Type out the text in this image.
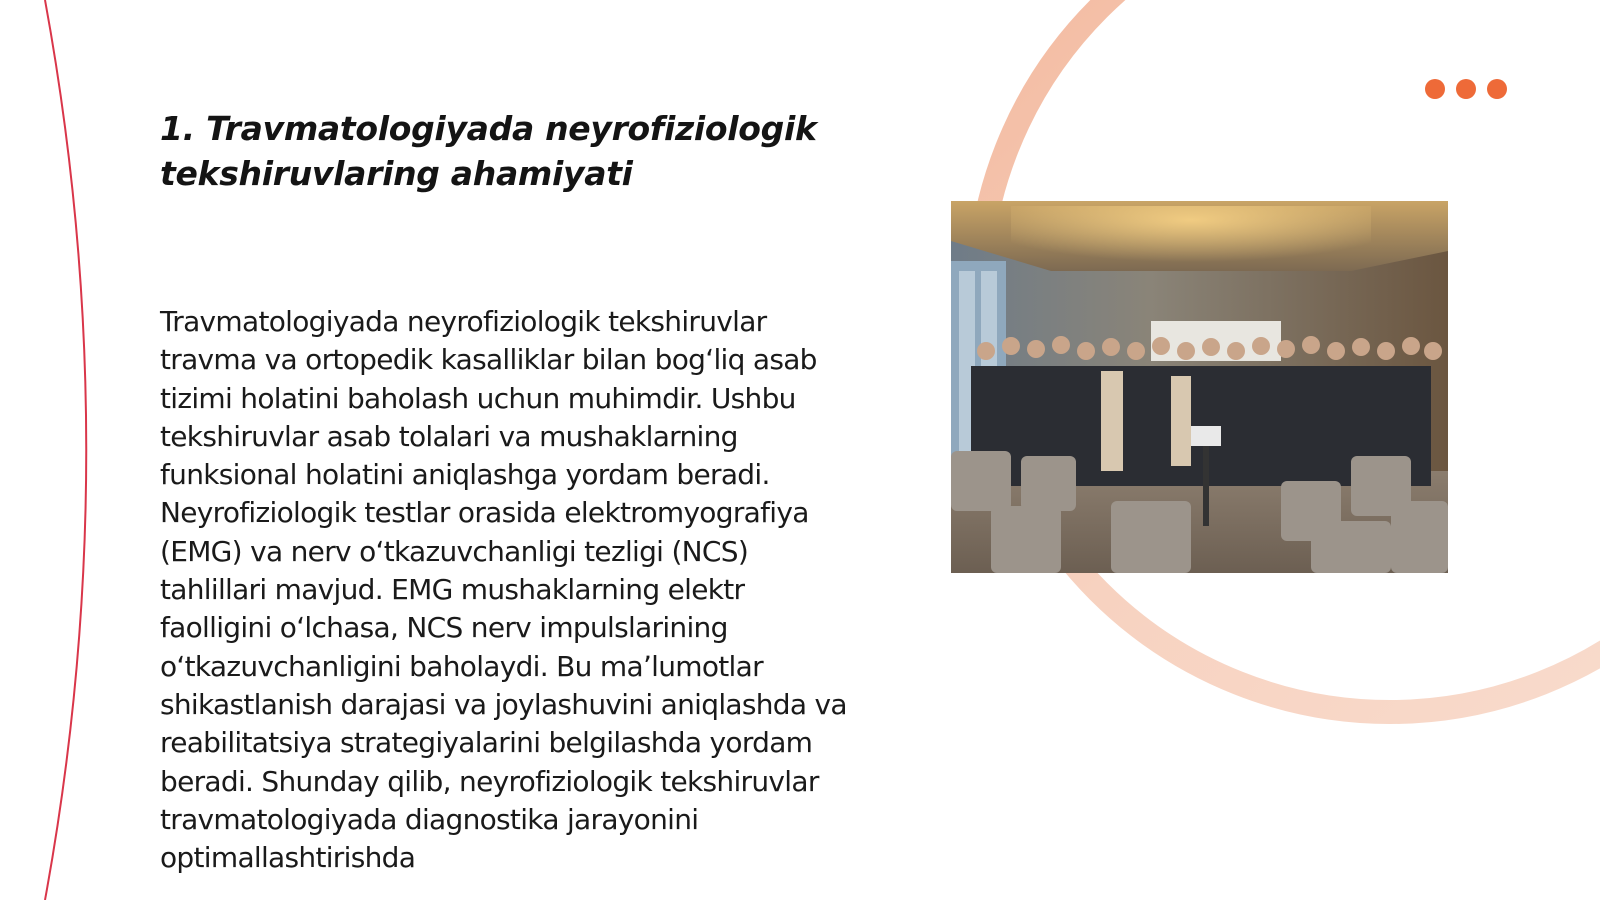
1. Travmatologiyada neyrofiziologik tekshiruvlaring ahamiyati

Travmatologiyada neyrofiziologik tekshiruvlar travma va ortopedik kasalliklar bilan bogʻliq asab tizimi holatini baholash uchun muhimdir. Ushbu tekshiruvlar asab tolalari va mushaklarning funksional holatini aniqlashga yordam beradi. Neyrofiziologik testlar orasida elektromyografiya (EMG) va nerv oʻtkazuvchanligi tezligi (NCS) tahlillari mavjud. EMG mushaklarning elektr faolligini oʻlchasa, NCS nerv impulslarining oʻtkazuvchanligini baholaydi. Bu maʼlumotlar shikastlanish darajasi va joylashuvini aniqlashda va reabilitatsiya strategiyalarini belgilashda yordam beradi. Shunday qilib, neyrofiziologik tekshiruvlar travmatologiyada diagnostika jarayonini optimallashtirishda
